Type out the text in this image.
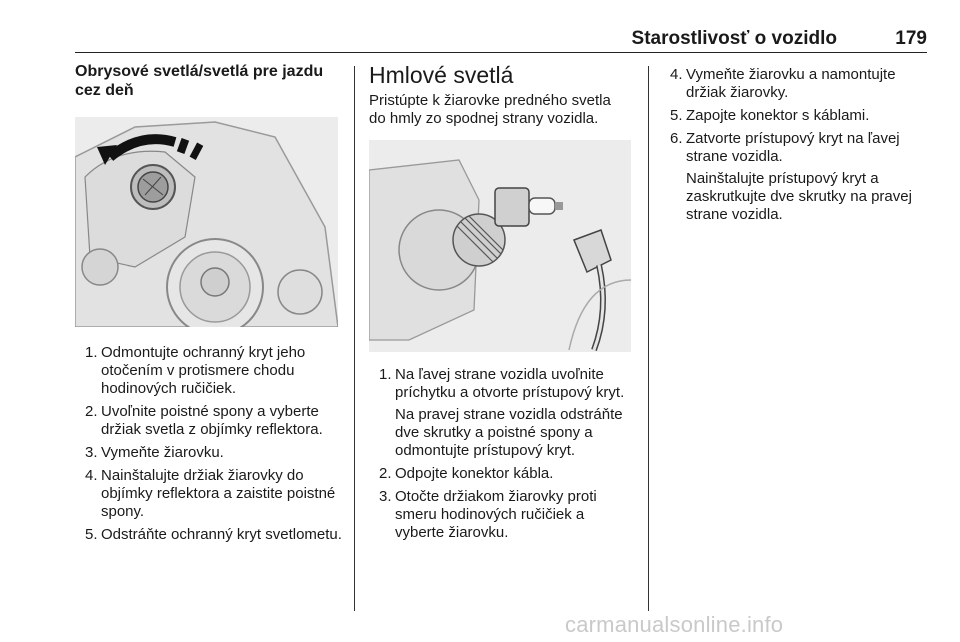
Starostlivosť o vozidlo	179
Obrysové svetlá/svetlá pre jazdu cez deň
1. Odmontujte ochranný kryt jeho otočením v protismere chodu hodinových ručičiek.
2. Uvoľnite poistné spony a vyberte držiak svetla z objímky reflektora.
3. Vymeňte žiarovku.
4. Nainštalujte držiak žiarovky do objímky reflektora a zaistite poistné spony.
5. Odstráňte ochranný kryt svetlometu.
Hmlové svetlá

Pristúpte k žiarovke predného svetla do hmly zo spodnej strany vozidla.

1. Na ľavej strane vozidla uvoľnite príchytku a otvorte prístupový kryt.
Na pravej strane vozidla odstráňte dve skrutky a poistné spony a odmontujte prístupový kryt.
2. Odpojte konektor kábla.
3. Otočte držiakom žiarovky proti smeru hodinových ručičiek a vyberte žiarovku.
4. Vymeňte žiarovku a namontujte držiak žiarovky.
5. Zapojte konektor s káblami.
6. Zatvorte prístupový kryt na ľavej strane vozidla.
Nainštalujte prístupový kryt a zaskrutkujte dve skrutky na pravej strane vozidla.
carmanualsonline.info
